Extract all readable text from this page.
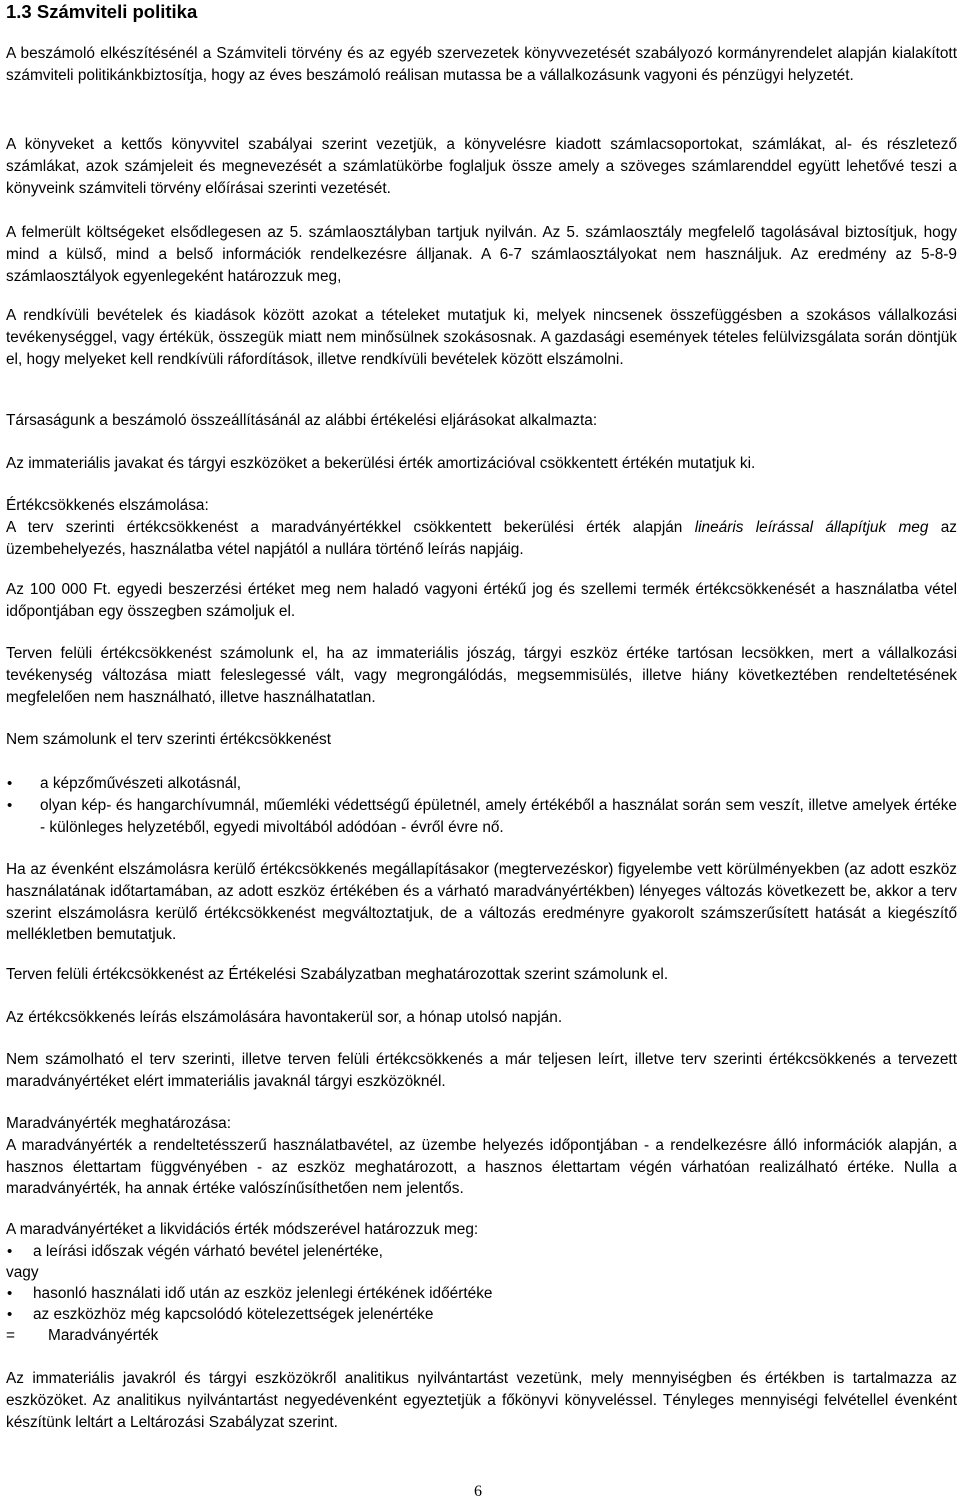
1.3 Számviteli politika

A beszámoló elkészítésénél a Számviteli törvény és az egyéb szervezetek könyvvezetését szabályozó kormányrendelet alapján kialakított számviteli politikánkbiztosítja, hogy az éves beszámoló reálisan mutassa be a vállalkozásunk vagyoni és pénzügyi helyzetét.

A könyveket a kettős könyvvitel szabályai szerint vezetjük, a könyvelésre kiadott számlacsoportokat, számlákat, al- és részletező számlákat, azok számjeleit és megnevezését a számlatükörbe foglaljuk össze amely a szöveges számlarenddel együtt lehetővé teszi a könyveink számviteli törvény előírásai szerinti vezetését.

A felmerült költségeket elsődlegesen az 5. számlaosztályban tartjuk nyilván. Az 5. számlaosztály megfelelő tagolásával biztosítjuk, hogy mind a külső, mind a belső információk rendelkezésre álljanak. A 6-7 számlaosztályokat nem használjuk. Az eredmény az 5-8-9 számlaosztályok egyenlegeként határozzuk meg,

A rendkívüli bevételek és kiadások között azokat a tételeket mutatjuk ki, melyek nincsenek összefüggésben a szokásos vállalkozási tevékenységgel, vagy értékük, összegük miatt nem minősülnek szokásosnak. A gazdasági események tételes felülvizsgálata során döntjük el, hogy melyeket kell rendkívüli ráfordítások, illetve rendkívüli bevételek között elszámolni.

Társaságunk a beszámoló összeállításánál az alábbi értékelési eljárásokat alkalmazta:

Az immateriális javakat és tárgyi eszközöket a bekerülési érték amortizációval csökkentett értékén mutatjuk ki.

Értékcsökkenés elszámolása:
A terv szerinti értékcsökkenést a maradványértékkel csökkentett bekerülési érték alapján lineáris leírással állapítjuk meg az üzembehelyezés, használatba vétel napjától a nullára történő leírás napjáig.

Az 100 000 Ft. egyedi beszerzési értéket meg nem haladó vagyoni értékű jog és szellemi termék értékcsökkenését a használatba vétel időpontjában egy összegben számoljuk el.

Terven felüli értékcsökkenést számolunk el, ha az immateriális jószág, tárgyi eszköz értéke tartósan lecsökken, mert a vállalkozási tevékenység változása miatt feleslegessé vált, vagy megrongálódás, megsemmisülés, illetve hiány következtében rendeltetésének megfelelően nem használható, illetve használhatatlan.

Nem számolunk el terv szerinti értékcsökkenést

•	a képzőművészeti alkotásnál,
•	olyan kép- és hangarchívumnál, műemléki védettségű épületnél, amely értékéből a használat során sem veszít, illetve amelyek értéke - különleges helyzetéből, egyedi mivoltából adódóan - évről évre nő.

Ha az évenként elszámolásra kerülő értékcsökkenés megállapításakor (megtervezéskor) figyelembe vett körülményekben (az adott eszköz használatának időtartamában, az adott eszköz értékében és a várható maradványértékben) lényeges változás következett be, akkor a terv szerint elszámolásra kerülő értékcsökkenést megváltoztatjuk, de a változás eredményre gyakorolt számszerűsített hatását a kiegészítő mellékletben bemutatjuk.

Terven felüli értékcsökkenést az Értékelési Szabályzatban meghatározottak szerint számolunk el.

Az értékcsökkenés leírás elszámolására havontakerül sor, a hónap utolsó napján.

Nem számolható el terv szerinti, illetve terven felüli értékcsökkenés a már teljesen leírt, illetve terv szerinti értékcsökkenés a tervezett maradványértéket elért immateriális javaknál tárgyi eszközöknél.

Maradványérték meghatározása:
A maradványérték a rendeltetésszerű használatbavétel, az üzembe helyezés időpontjában - a rendelkezésre álló információk alapján, a hasznos élettartam függvényében - az eszköz meghatározott, a hasznos élettartam végén várhatóan realizálható értéke. Nulla a maradványérték, ha annak értéke valószínűsíthetően nem jelentős.

A maradványértéket a likvidációs érték módszerével határozzuk meg:

•	a leírási időszak végén várható bevétel jelenértéke,
vagy
•	hasonló használati idő után az eszköz jelenlegi értékének időértéke
•	az eszközhöz még kapcsolódó kötelezettségek jelenértéke
= Maradványérték

Az immateriális javakról és tárgyi eszközökről analitikus nyilvántartást vezetünk, mely mennyiségben és értékben is tartalmazza az eszközöket. Az analitikus nyilvántartást negyedévenként egyeztetjük a főkönyvi könyveléssel. Tényleges mennyiségi felvétellel évenként készítünk leltárt a Leltározási Szabályzat szerint.

6
